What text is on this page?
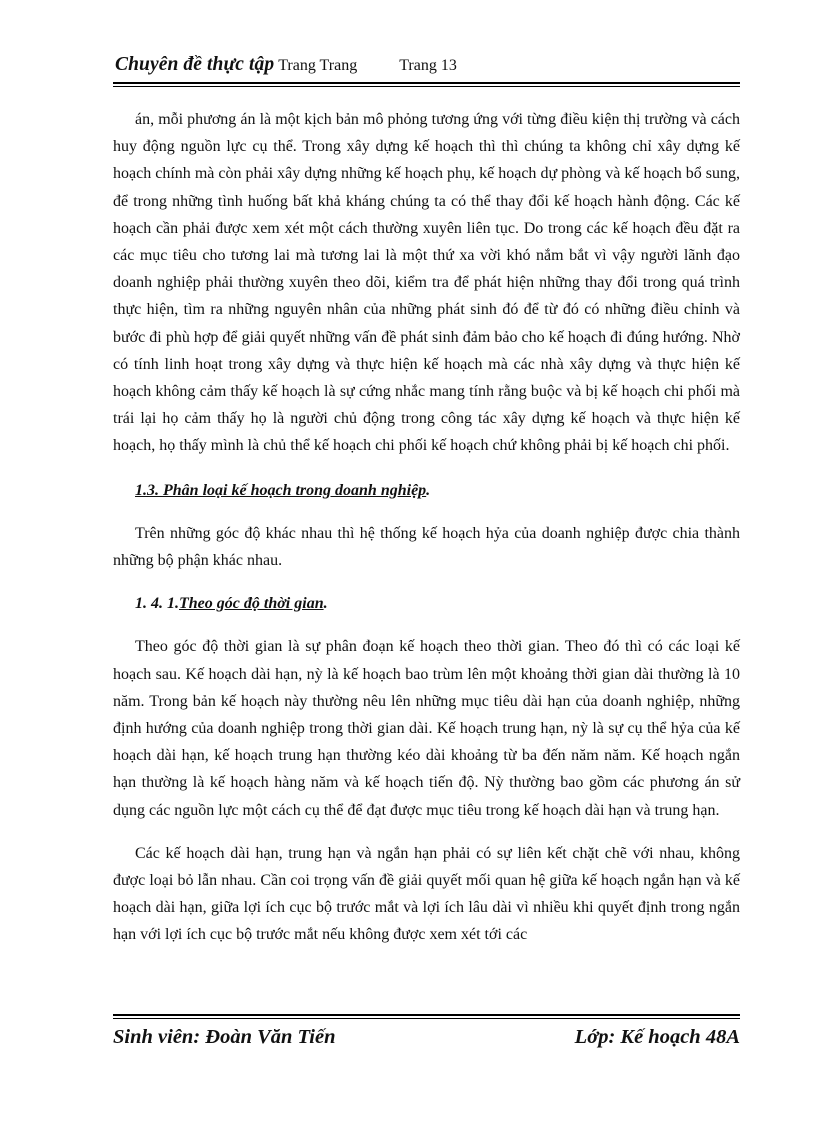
Chuyên đề thực tập Trang Trang	Trang 13

án, mỗi phương án là một kịch bản mô phỏng tương ứng với từng điều kiện thị trường và cách huy động nguồn lực cụ thể. Trong xây dựng kế hoạch thì thì chúng ta không chỉ xây dựng kế hoạch chính mà còn phải xây dựng những kế hoạch phụ, kế hoạch dự phòng và kế hoạch bổ sung, để trong những tình huống bất khả kháng chúng ta có thể thay đổi kế hoạch hành động. Các kế hoạch cần phải được xem xét một cách thường xuyên liên tục. Do trong các kế hoạch đều đặt ra các mục tiêu cho tương lai mà tương lai là một thứ xa vời khó nắm bắt vì vậy người lãnh đạo doanh nghiệp phải thường xuyên theo dõi, kiểm tra để phát hiện những thay đổi trong quá trình thực hiện, tìm ra những nguyên nhân của những phát sinh đó để từ đó có những điều chỉnh và bước đi phù hợp để giải quyết những vấn đề phát sinh đảm bảo cho kế hoạch đi đúng hướng. Nhờ có tính linh hoạt trong xây dựng và thực hiện kế hoạch mà các nhà xây dựng và thực hiện kế hoạch không cảm thấy kế hoạch là sự cứng nhắc mang tính rằng buộc và bị kế hoạch chi phối mà trái lại họ cảm thấy họ là người chủ động trong công tác xây dựng kế hoạch và thực hiện kế hoạch, họ thấy mình là chủ thể kế hoạch chi phối kế hoạch chứ không phải bị kế hoạch chi phối.

1.3. Phân loại kế hoạch trong doanh nghiệp.

Trên những góc độ khác nhau thì hệ thống kế hoạch hỷa của doanh nghiệp được chia thành những bộ phận khác nhau.

1. 4. 1.Theo góc độ thời gian.

Theo góc độ thời gian là sự phân đoạn kế hoạch theo thời gian. Theo đó thì có các loại kế hoạch sau. Kế hoạch dài hạn, nỳ là kế hoạch bao trùm lên một khoảng thời gian dài thường là 10 năm. Trong bản kế hoạch này thường nêu lên những mục tiêu dài hạn của doanh nghiệp, những định hướng của doanh nghiệp trong thời gian dài. Kế hoạch trung hạn, nỳ là sự cụ thể hỷa của kế hoạch dài hạn, kế hoạch trung hạn thường kéo dài khoảng từ ba đến năm năm. Kế hoạch ngắn hạn thường là kế hoạch hàng năm và kế hoạch tiến độ. Nỳ thường bao gồm các phương án sử dụng các nguồn lực một cách cụ thể để đạt được mục tiêu trong kế hoạch dài hạn và trung hạn.

Các kế hoạch dài hạn, trung hạn và ngắn hạn phải có sự liên kết chặt chẽ với nhau, không được loại bỏ lẫn nhau. Cần coi trọng vấn đề giải quyết mối quan hệ giữa kế hoạch ngắn hạn và kế hoạch dài hạn, giữa lợi ích cục bộ trước mắt và lợi ích lâu dài vì nhiều khi quyết định trong ngắn hạn với lợi ích cục bộ trước mắt nếu không được xem xét tới các

Sinh viên: Đoàn Văn Tiến	Lớp: Kế hoạch 48A
